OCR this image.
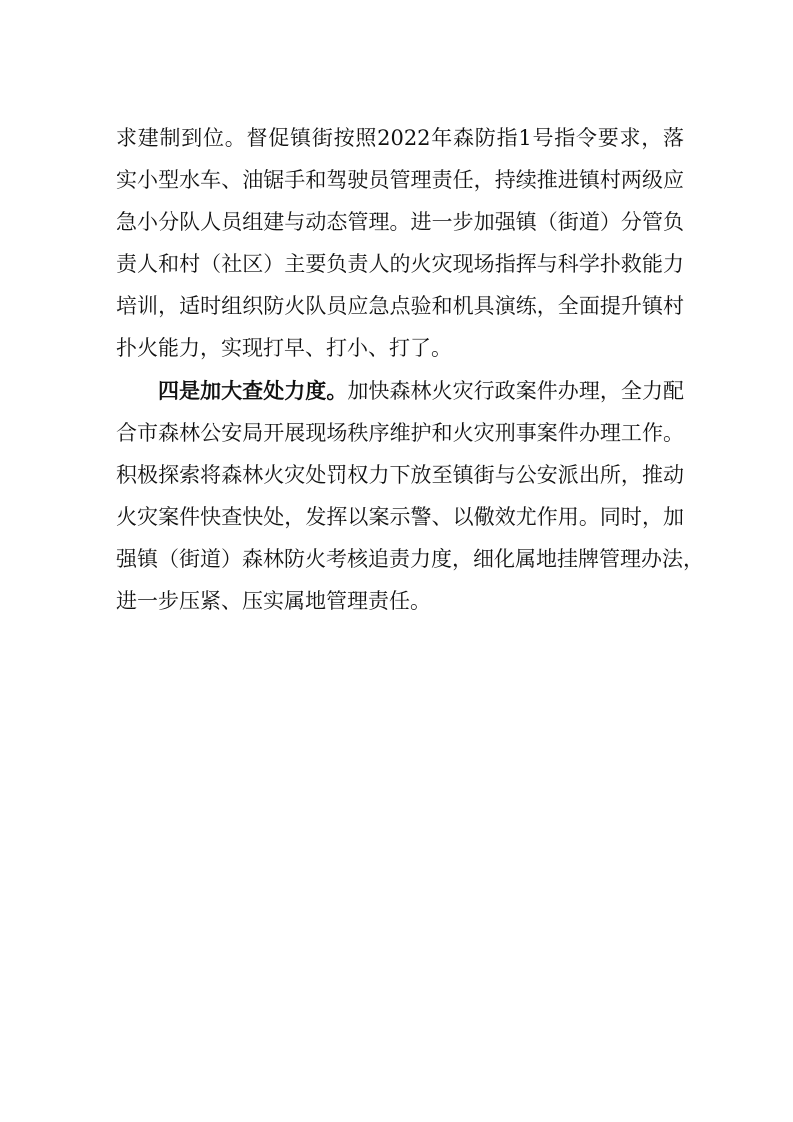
求建制到位。督促镇街按照2022年森防指1号指令要求，落
实小型水车、油锯手和驾驶员管理责任，持续推进镇村两级应
急小分队人员组建与动态管理。进一步加强镇（街道）分管负
责人和村（社区）主要负责人的火灾现场指挥与科学扑救能力
培训，适时组织防火队员应急点验和机具演练，全面提升镇村
扑火能力，实现打早、打小、打了。
四是加大查处力度。加快森林火灾行政案件办理，全力配
合市森林公安局开展现场秩序维护和火灾刑事案件办理工作。
积极探索将森林火灾处罚权力下放至镇街与公安派出所，推动
火灾案件快查快处，发挥以案示警、以儆效尤作用。同时，加
强镇（街道）森林防火考核追责力度，细化属地挂牌管理办法，
进一步压紧、压实属地管理责任。
